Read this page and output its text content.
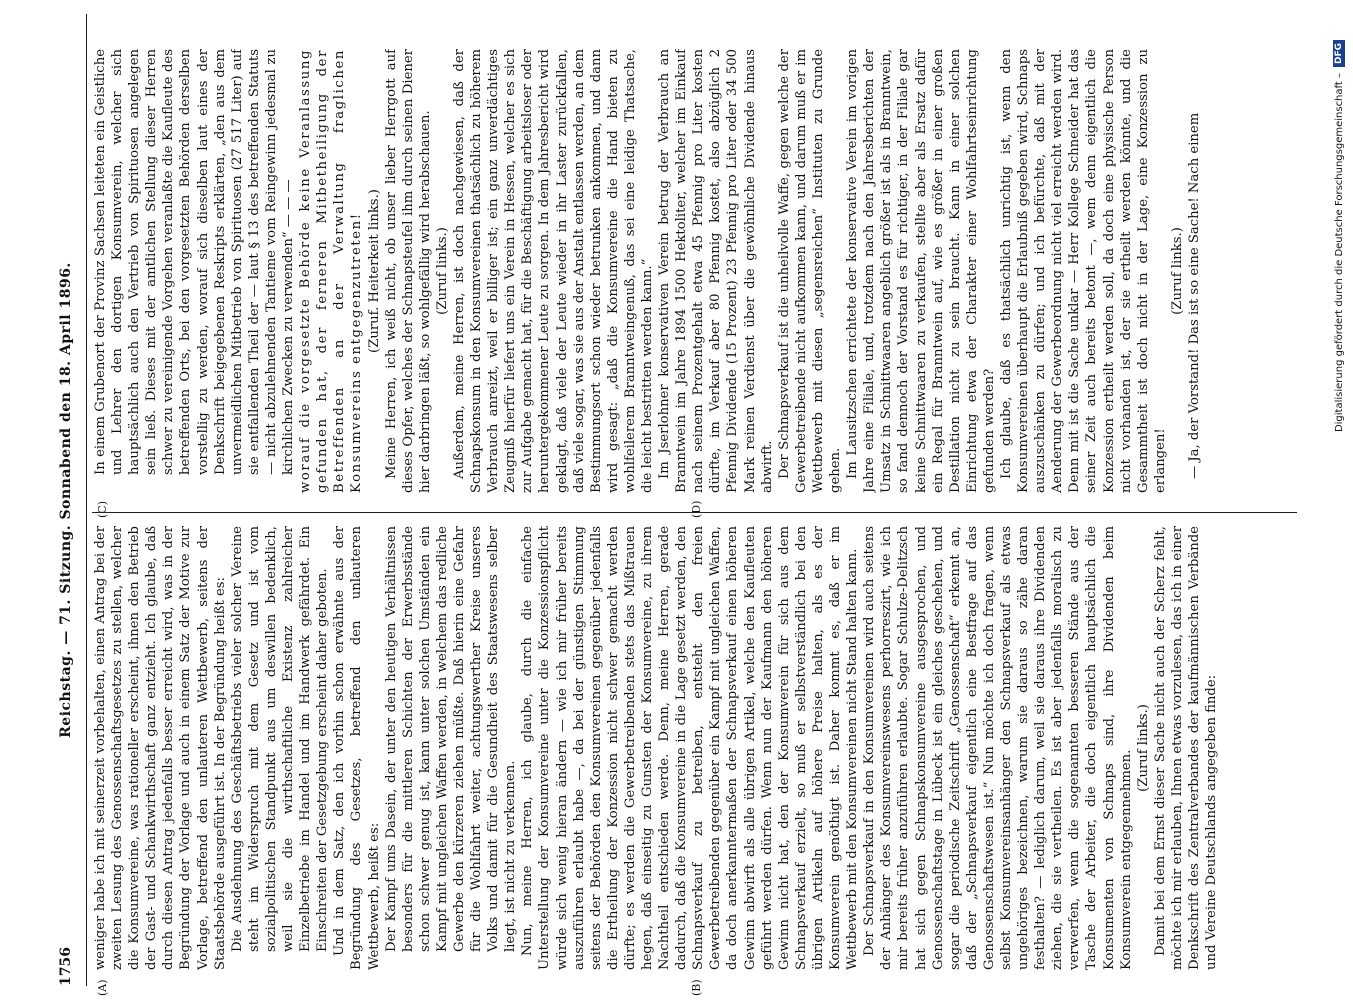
1756
Reichstag. — 71. Sitzung. Sonnabend den 18. April 1896.
(A)	(B)
(C)	(D)

weniger habe ich mit seinerzeit vorbehalten, einen Antrag bei der zweiten Lesung des Genossenschaftsgesetzes zu stellen, welcher die Konsumvereine, was rationeller erscheint, ihnen den Betrieb der Gast- und Schankwirthschaft ganz entzieht. Ich glaube, daß durch diesen Antrag jedenfalls besser erreicht wird, was in der Begründung der Vorlage und auch in einem Satz der Motive zur Vorlage, betreffend den unlauteren Wettbewerb, seitens der Staatsbehörde ausgeführt ist. In der Begründung heißt es: Die Ausdehnung des Geschäftsbetriebs vieler solcher Vereine steht im Widerspruch mit dem Gesetz und ist vom sozialpolitischen Standpunkt aus um deswillen bedenklich, weil sie die wirthschaftliche Existenz zahlreicher Einzelbetriebe im Handel und im Handwerk gefährdet. Ein Einschreiten der Gesetzgebung erscheint daher geboten. Und in dem Satz, den ich vorhin schon erwähnte aus der Begründung des Gesetzes, betreffend den unlauteren Wettbewerb, heißt es: Der Kampf ums Dasein, der unter den heutigen Verhältnissen besonders für die mittleren Schichten der Erwerbsstände schon schwer genug ist, kann unter solchen Umständen ein Kampf mit ungleichen Waffen werden, in welchem das redliche Gewerbe den kürzeren ziehen müßte. Daß hierin eine Gefahr für die Wohlfahrt weiter, achtungswerther Kreise unseres Volks und damit für die Gesundheit des Staatswesens selber liegt, ist nicht zu verkennen. Nun, meine Herren, ich glaube, durch die einfache Unterstellung der Konsumvereine unter die Konzessionspflicht würde sich wenig hieran ändern — wie ich mir früher bereits auszuführen erlaubt habe —, da bei der günstigen Stimmung seitens der Behörden den Konsumvereinen gegenüber jedenfalls die Ertheilung der Konzession nicht schwer gemacht werden dürfte; es werden die Gewerbetreibenden stets das Mißtrauen hegen, daß einseitig zu Gunsten der Konsumvereine, zu ihrem Nachtheil entschieden werde. Denn, meine Herren, gerade dadurch, daß die Konsumvereine in die Lage gesetzt werden, den Schnapsverkauf zu betreiben, entsteht den freien Gewerbetreibenden gegenüber ein Kampf mit ungleichen Waffen, da doch anerkanntermaßen der Schnapsverkauf einen höheren Gewinn abwirft als alle übrigen Artikel, welche den Kaufleuten geführt werden dürfen. Wenn nun der Kaufmann den höheren Gewinn nicht hat, den der Konsumverein für sich aus dem Schnapsverkauf erzielt, so muß er selbstverständlich bei den übrigen Artikeln auf höhere Preise halten, als es der Konsumverein genöthigt ist. Daher kommt es, daß er im Wettbewerb mit den Konsumvereinen nicht Stand halten kann. Der Schnapsverkauf in den Konsumvereinen wird auch seitens der Anhänger des Konsumvereinswesens perhorreszirt, wie ich mir bereits früher anzuführen erlaubte. Sogar Schulze-Delitzsch hat sich gegen Schnapskonsumvereine ausgesprochen, und Genossenschaftstage in Lübeck ist ein gleiches geschehen, und sogar die periodische Zeitschrift „Genossenschaft“ erkennt an, daß der „Schnapsverkauf eigentlich eine Bestfrage auf das Genossenschaftswesen ist.“ Nun möchte ich doch fragen, wenn selbst Konsumvereinsanhänger den Schnapsverkauf als etwas ungehöriges bezeichnen, warum sie daraus so zähe daran festhalten? — lediglich darum, weil sie daraus ihre Dividenden ziehen, die sie vertheilen. Es ist aber jedenfalls moralisch zu verwerfen, wenn die sogenannten besseren Stände aus der Tasche der Arbeiter, die doch eigentlich hauptsächlich die Konsumenten von Schnaps sind, ihre Dividenden beim Konsumverein entgegennehmen.

(Zuruf links.) Damit bei dem Ernst dieser Sache nicht auch der Scherz fehlt, möchte ich mir erlauben, Ihnen etwas vorzulesen, das ich in einer Denkschrift des Zentralverbandes der kaufmännischen Verbände und Vereine Deutschlands angegeben finde:

In einem Grubenort der Provinz Sachsen leiteten ein Geistliche und Lehrer den dortigen Konsumverein, welcher sich hauptsächlich auch den Vertrieb von Spirituosen angelegen sein ließ. Dieses mit der amtlichen Stellung dieser Herren schwer zu vereinigende Vorgehen veranlaßte die Kaufleute des betreffenden Orts, bei den vorgesetzten Behörden derselben vorstellig zu werden, worauf sich dieselben laut eines der Denkschrift beigegebenen Reskripts erklärten, „den aus dem unvermeidlichen Mitbetrieb von Spirituosen (27 517 Liter) auf sie entfallenden Theil der — laut § 13 des betreffenden Statuts — nicht abzulehnenden Tantieme vom Reingewinn jedesmal zu kirchlichen Zwecken zu verwenden“ — — — worauf die vorgesetzte Behörde keine Veranlassung gefunden hat, der ferneren Mitbetheiligung der Betreffenden an der Verwaltung fraglichen Konsumvereins entgegenzutreten! (Zuruf. Heiterkeit links.) Meine Herren, ich weiß nicht, ob unser lieber Herrgott auf dieses Opfer, welches der Schnapsteufel ihm durch seinen Diener hier darbringen läßt, so wohlgefällig wird herabschauen. (Zuruf links.) Außerdem, meine Herren, ist doch nachgewiesen, daß der Schnapskonsum in den Konsumvereinen thatsächlich zu höherem Verbrauch anreizt, weil er billiger ist; ein ganz unverdächtiges Zeugniß hierfür liefert uns ein Verein in Hessen, welcher es sich zur Aufgabe gemacht hat, für die Beschäftigung arbeitsloser oder heruntergekommener Leute zu sorgen. In dem Jahresbericht wird geklagt, daß viele der Leute wieder in ihr Laster zurückfallen, daß viele sogar, was sie aus der Anstalt entlassen werden, an dem Bestimmungsort schon wieder betrunken ankommen, und dann wird gesagt: „daß die Konsumvereine die Hand bieten zu wohlfeilerem Branntweingenuß, das sei eine leidige Thatsache, die leicht bestritten werden kann.“ Im Jserlohner konservativen Verein betrug der Verbrauch an Branntwein im Jahre 1894 1500 Hektoliter, welcher im Einkauf nach seinem Prozentgehalt etwa 45 Pfennig pro Liter kosten dürfte, im Verkauf aber 80 Pfennig kostet, also abzüglich 2 Pfennig Dividende (15 Prozent) 23 Pfennig pro Liter oder 34 500 Mark reinen Verdienst über die gewöhnliche Dividende hinaus abwirft. Der Schnapsverkauf ist die unheilvolle Waffe, gegen welche der Gewerbetreibende nicht aufkommen kann, und darum muß er im Wettbewerb mit diesen „segensreichen“ Instituten zu Grunde gehen. Im Lausitzschen errichtete der konservative Verein im vorigen Jahre eine Filiale, und, trotzdem nach den Jahresberichten der Umsatz in Schnittwaaren angeblich größer ist als in Branntwein, so fand dennoch der Vorstand es für richtiger, in der Filiale gar keine Schnittwaaren zu verkaufen, stellte aber als Ersatz dafür ein Regal für Branntwein auf, wie es größer in einer großen Destillation nicht zu sein braucht. Kann in einer solchen Einrichtung etwa der Charakter einer Wohlfahrtseinrichtung gefunden werden? Ich glaube, daß es thatsächlich unrichtig ist, wenn den Konsumvereinen überhaupt die Erlaubniß gegeben wird, Schnaps auszuschänken zu dürfen; und ich befürchte, daß mit der Aenderung der Gewerbeordnung nicht viel erreicht werden wird. Denn mit ist die Sache unklar — Herr Kollege Schneider hat das seiner Zeit auch bereits betont —, wem denn eigentlich die Konzession ertheilt werden soll, da doch eine physische Person nicht vorhanden ist, der sie ertheilt werden könnte, und die Gesammtheit ist doch nicht in der Lage, eine Konzession zu erlangen!

(Zuruf links.) — Ja, der Vorstand! Das ist so eine Sache! Nach einem	Digitalisierung gefördert durch die Deutsche Forschungsgemeinschaft –
DFG
